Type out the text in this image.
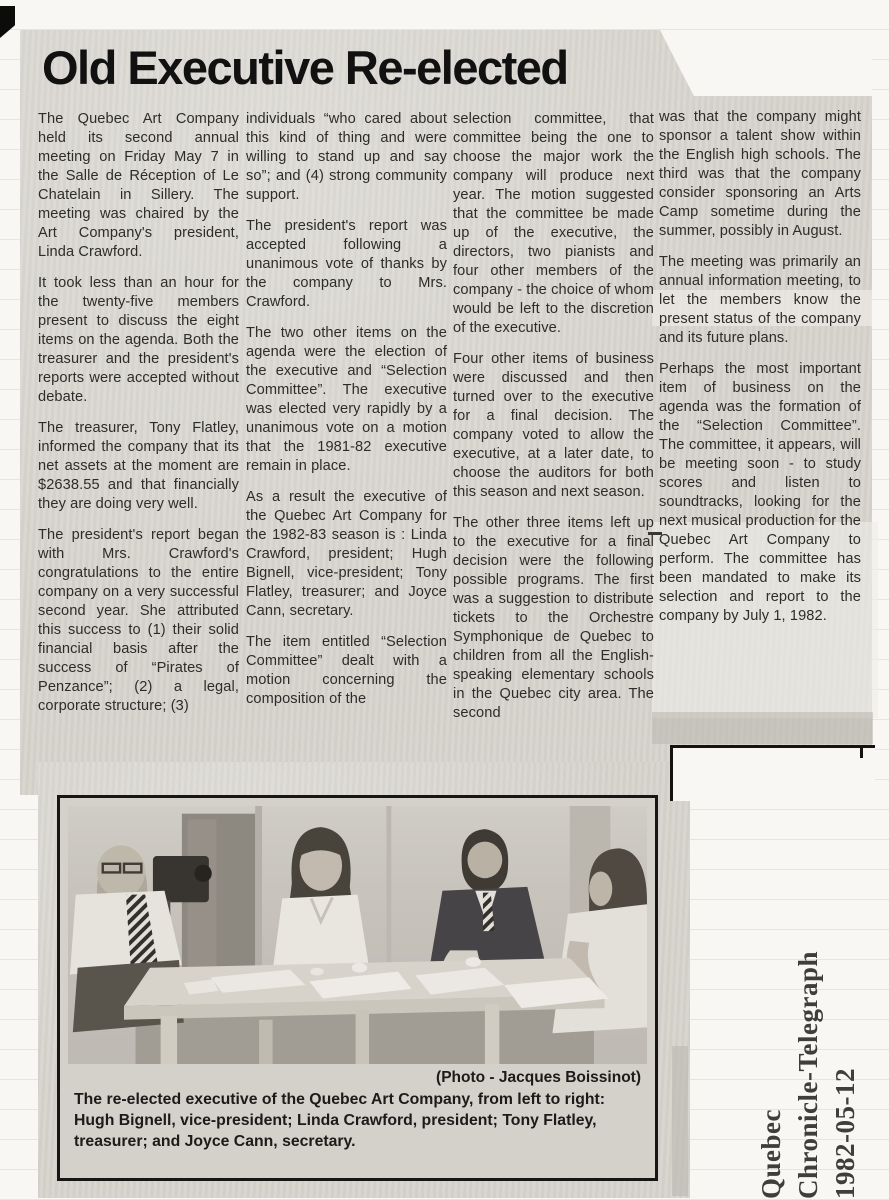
Old Executive Re-elected

The Quebec Art Company held its second annual meeting on Friday May 7 in the Salle de Réception of Le Chatelain in Sillery. The meeting was chaired by the Art Company's president, Linda Crawford.

It took less than an hour for the twenty-five members present to discuss the eight items on the agenda. Both the treasurer and the president's reports were accepted without debate.

The treasurer, Tony Flatley, informed the company that its net assets at the moment are $2638.55 and that financially they are doing very well.

The president's report began with Mrs. Crawford's congratulations to the entire company on a very successful second year. She attributed this success to (1) their solid financial basis after the success of “Pirates of Penzance”; (2) a legal, corporate structure; (3)

individuals “who cared about this kind of thing and were willing to stand up and say so”; and (4) strong community support.

The president's report was accepted following a unanimous vote of thanks by the company to Mrs. Crawford.

The two other items on the agenda were the election of the executive and “Selection Committee”. The executive was elected very rapidly by a unanimous vote on a motion that the 1981-82 executive remain in place.

As a result the executive of the Quebec Art Company for the 1982-83 season is : Linda Crawford, president; Hugh Bignell, vice-president; Tony Flatley, treasurer; and Joyce Cann, secretary.

The item entitled “Selection Committee” dealt with a motion concerning the composition of the

selection committee, that committee being the one to choose the major work the company will produce next year. The motion suggested that the committee be made up of the executive, the directors, two pianists and four other members of the company - the choice of whom would be left to the discretion of the executive.

Four other items of business were discussed and then turned over to the executive for a final decision. The company voted to allow the executive, at a later date, to choose the auditors for both this season and next season.

The other three items left up to the executive for a final decision were the following possible programs. The first was a suggestion to distribute tickets to the Orchestre Symphonique de Quebec to children from all the English-speaking elementary schools in the Quebec city area. The second

was that the company might sponsor a talent show within the English high schools. The third was that the company consider sponsoring an Arts Camp sometime during the summer, possibly in August.

The meeting was primarily an annual information meeting, to let the members know the present status of the company and its future plans.

Perhaps the most important item of business on the agenda was the formation of the “Selection Committee”. The committee, it appears, will be meeting soon - to study scores and listen to soundtracks, looking for the next musical production for the Quebec Art Company to perform. The committee has been mandated to make its selection and report to the company by July 1, 1982.

(Photo - Jacques Boissinot)
The re-elected executive of the Quebec Art Company, from left to right: Hugh Bignell, vice-president; Linda Crawford, president; Tony Flatley, treasurer; and Joyce Cann, secretary.	Quebec Chronicle-Telegraph 1982-05-12
